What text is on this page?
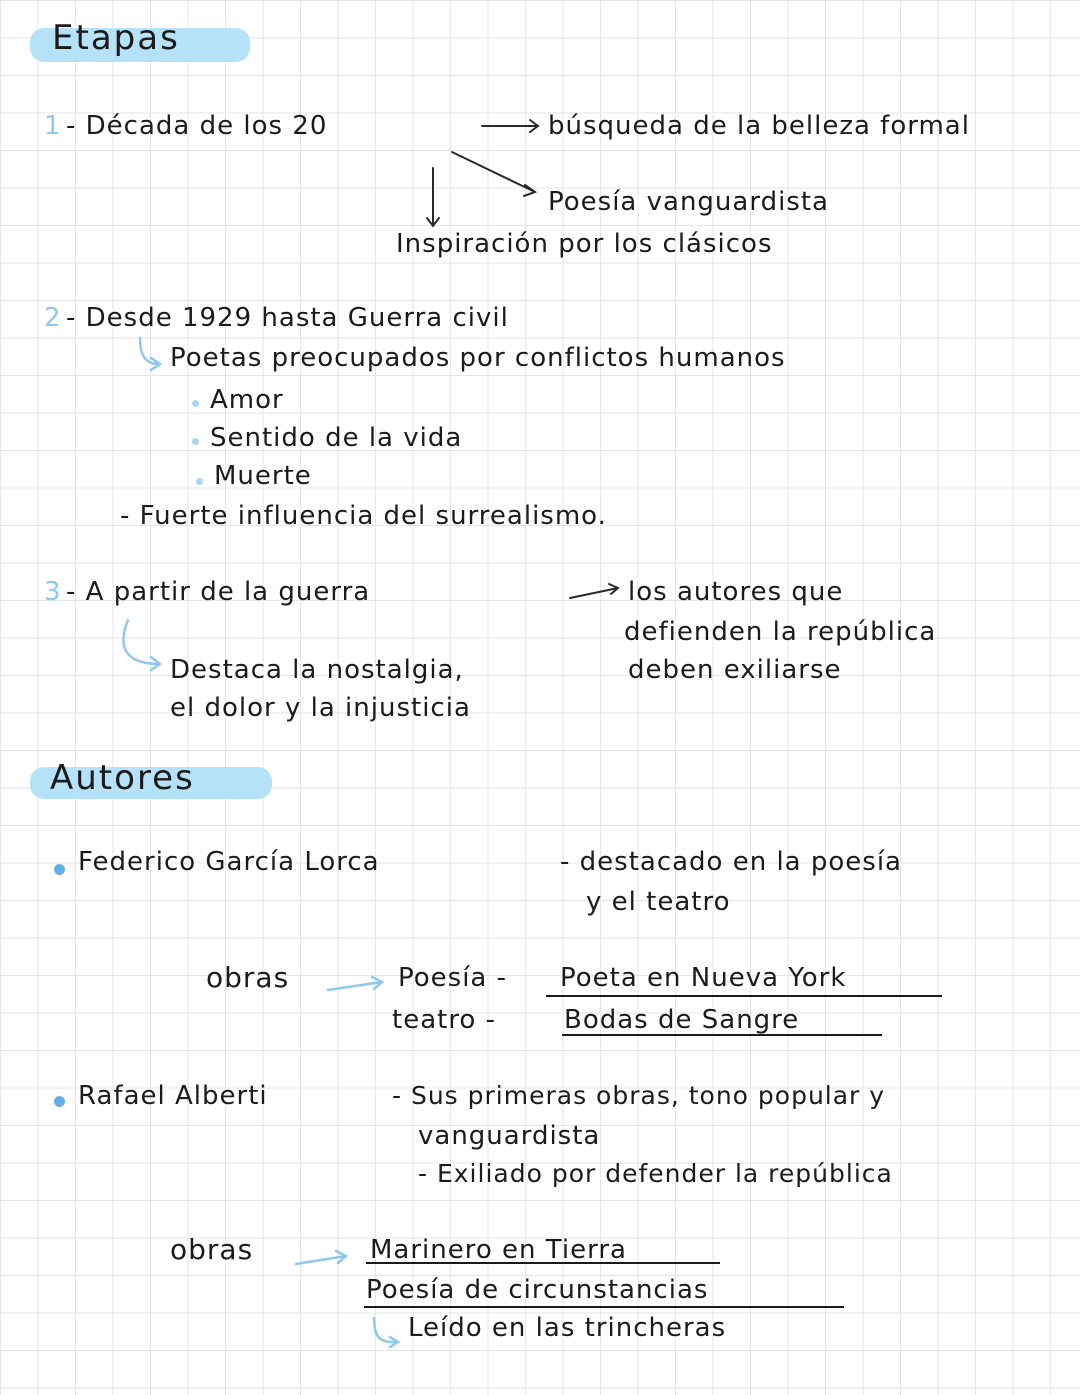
Etapas
1 - Década de los 20	búsqueda de la belleza formal
Poesía vanguardista
Inspiración por los clásicos
2 - Desde 1929 hasta Guerra civil
Poetas preocupados por conflictos humanos
Amor
Sentido de la vida
Muerte
- Fuerte influencia del surrealismo.
3 - A partir de la guerra	los autores que
defienden la república
deben exiliarse
Destaca la nostalgia,
el dolor y la injusticia
Autores
Federico García Lorca	- destacado en la poesía
y el teatro
obras	Poesía - Poeta en Nueva York
teatro -	Bodas de Sangre
Rafael Alberti	- Sus primeras obras, tono popular y
vanguardista
- Exiliado por defender la república
obras	Marinero en Tierra
Poesía de circunstancias
Leído en las trincheras
